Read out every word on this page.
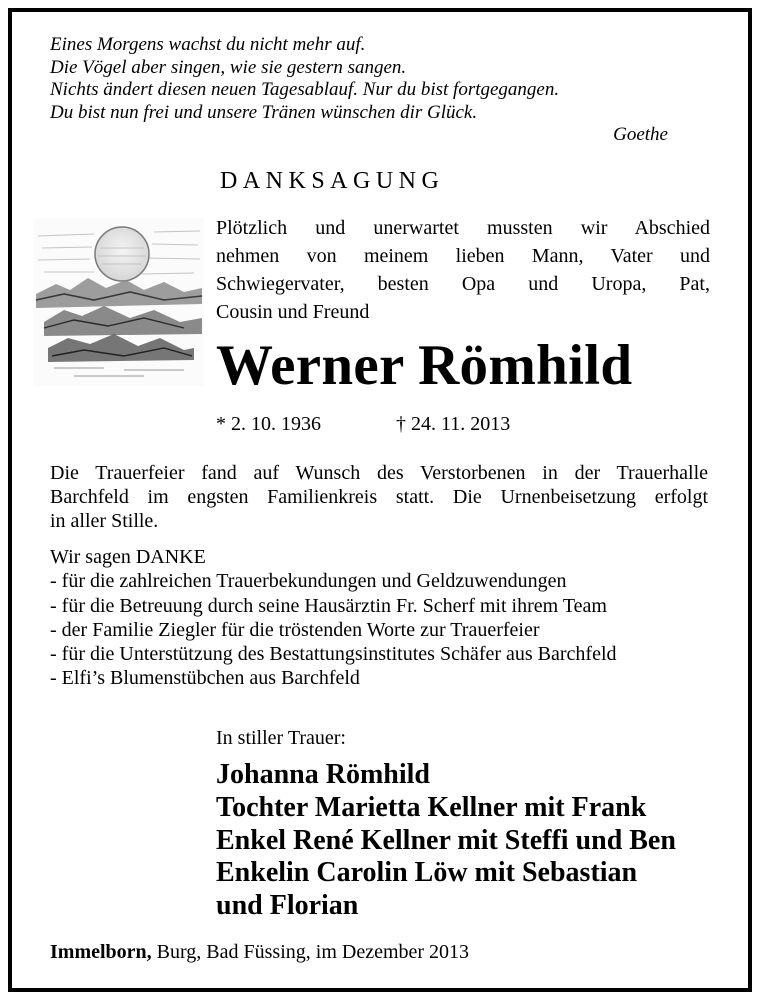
Eines Morgens wachst du nicht mehr auf.
Die Vögel aber singen, wie sie gestern sangen.
Nichts ändert diesen neuen Tagesablauf. Nur du bist fortgegangen.
Du bist nun frei und unsere Tränen wünschen dir Glück.
Goethe
DANKSAGUNG
Plötzlich und unerwartet mussten wir Abschied
nehmen von meinem lieben Mann, Vater und
Schwiegervater, besten Opa und Uropa, Pat,
Cousin und Freund
Werner Römhild
* 2. 10. 1936	† 24. 11. 2013
Die Trauerfeier fand auf Wunsch des Verstorbenen in der Trauerhalle
Barchfeld im engsten Familienkreis statt. Die Urnenbeisetzung erfolgt
in aller Stille.
Wir sagen DANKE
- für die zahlreichen Trauerbekundungen und Geldzuwendungen
- für die Betreuung durch seine Hausärztin Fr. Scherf mit ihrem Team
- der Familie Ziegler für die tröstenden Worte zur Trauerfeier
- für die Unterstützung des Bestattungsinstitutes Schäfer aus Barchfeld
- Elfi’s Blumenstübchen aus Barchfeld
In stiller Trauer:
Johanna Römhild
Tochter Marietta Kellner mit Frank
Enkel René Kellner mit Steffi und Ben
Enkelin Carolin Löw mit Sebastian
und Florian
Immelborn, Burg, Bad Füssing, im Dezember 2013
